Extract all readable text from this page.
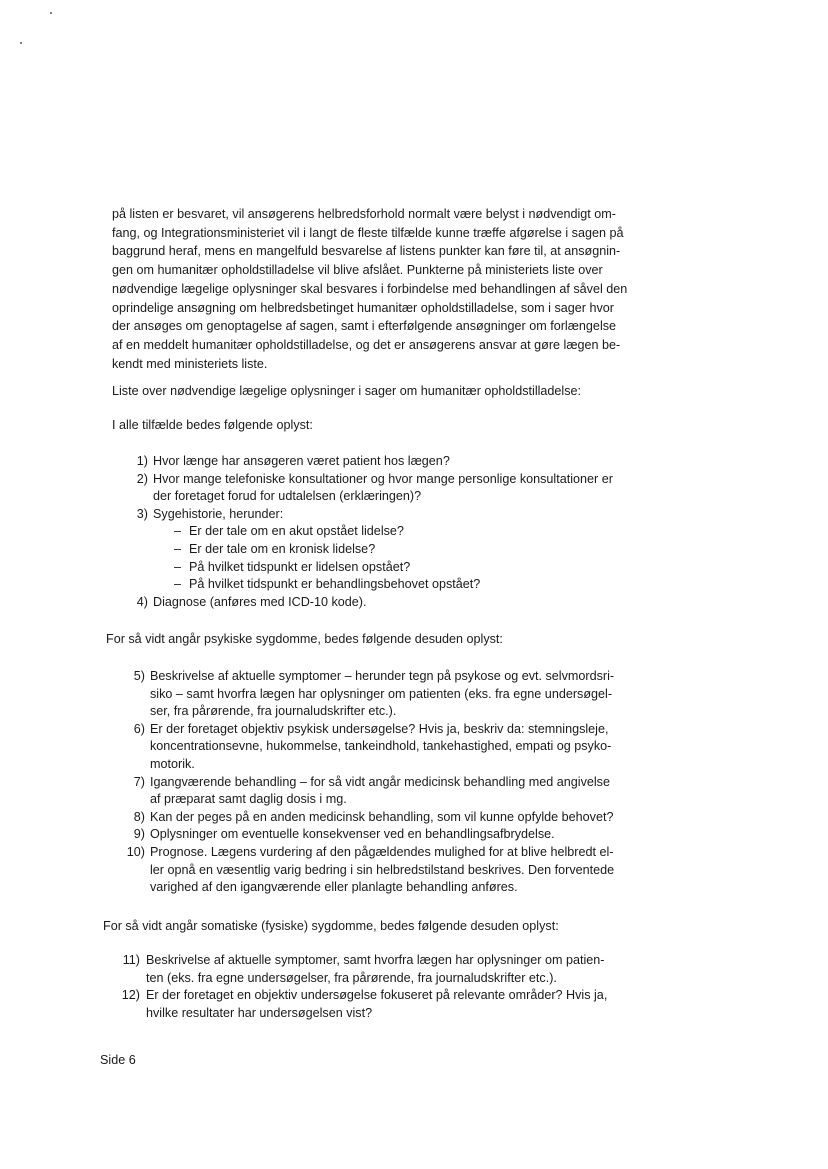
på listen er besvaret, vil ansøgerens helbredsforhold normalt være belyst i nødvendigt om-
fang, og Integrationsministeriet vil i langt de fleste tilfælde kunne træffe afgørelse i sagen på
baggrund heraf, mens en mangelfuld besvarelse af listens punkter kan føre til, at ansøgnin-
gen om humanitær opholdstilladelse vil blive afslået. Punkterne på ministeriets liste over
nødvendige lægelige oplysninger skal besvares i forbindelse med behandlingen af såvel den
oprindelige ansøgning om helbredsbetinget humanitær opholdstilladelse, som i sager hvor
der ansøges om genoptagelse af sagen, samt i efterfølgende ansøgninger om forlængelse
af en meddelt humanitær opholdstilladelse, og det er ansøgerens ansvar at gøre lægen be-
kendt med ministeriets liste.

Liste over nødvendige lægelige oplysninger i sager om humanitær opholdstilladelse:

I alle tilfælde bedes følgende oplyst:

1) Hvor længe har ansøgeren været patient hos lægen?
2) Hvor mange telefoniske konsultationer og hvor mange personlige konsultationer er
der foretaget forud for udtalelsen (erklæringen)?
3) Sygehistorie, herunder:
– Er der tale om en akut opstået lidelse?
– Er der tale om en kronisk lidelse?
– På hvilket tidspunkt er lidelsen opstået?
– På hvilket tidspunkt er behandlingsbehovet opstået?
4) Diagnose (anføres med ICD-10 kode).

For så vidt angår psykiske sygdomme, bedes følgende desuden oplyst:

5) Beskrivelse af aktuelle symptomer – herunder tegn på psykose og evt. selvmordsri-
siko – samt hvorfra lægen har oplysninger om patienten (eks. fra egne undersøgel-
ser, fra pårørende, fra journaludskrifter etc.).
6) Er der foretaget objektiv psykisk undersøgelse? Hvis ja, beskriv da: stemningsleje,
koncentrationsevne, hukommelse, tankeindhold, tankehastighed, empati og psyko-
motorik.
7) Igangværende behandling – for så vidt angår medicinsk behandling med angivelse
af præparat samt daglig dosis i mg.
8) Kan der peges på en anden medicinsk behandling, som vil kunne opfylde behovet?
9) Oplysninger om eventuelle konsekvenser ved en behandlingsafbrydelse.
10) Prognose. Lægens vurdering af den pågældendes mulighed for at blive helbredt el-
ler opnå en væsentlig varig bedring i sin helbredstilstand beskrives. Den forventede
varighed af den igangværende eller planlagte behandling anføres.

For så vidt angår somatiske (fysiske) sygdomme, bedes følgende desuden oplyst:

11) Beskrivelse af aktuelle symptomer, samt hvorfra lægen har oplysninger om patien-
ten (eks. fra egne undersøgelser, fra pårørende, fra journaludskrifter etc.).
12) Er der foretaget en objektiv undersøgelse fokuseret på relevante områder? Hvis ja,
hvilke resultater har undersøgelsen vist?

Side 6
